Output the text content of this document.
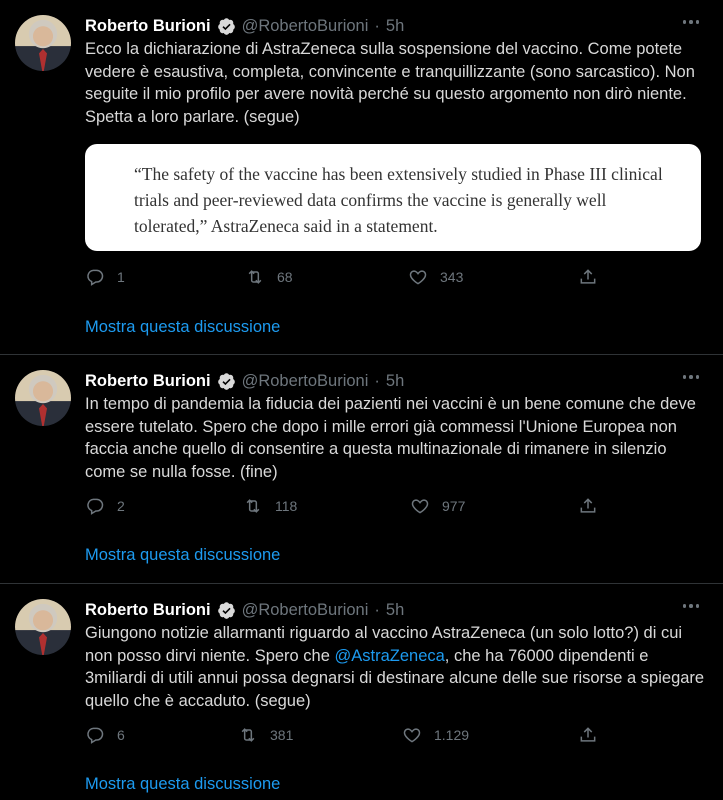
Roberto Burioni @RobertoBurioni · 5h

Ecco la dichiarazione di AstraZeneca sulla sospensione del vaccino. Come potete vedere è esaustiva, completa, convincente e tranquillizzante (sono sarcastico). Non seguite il mio profilo per avere novità perché su questo argomento non dirò niente. Spetta a loro parlare. (segue)

“The safety of the vaccine has been extensively studied in Phase III clinical trials and peer-reviewed data confirms the vaccine is generally well tolerated,” AstraZeneca said in a statement.

1	68	343
Mostra questa discussione
Roberto Burioni @RobertoBurioni · 5h

In tempo di pandemia la fiducia dei pazienti nei vaccini è un bene comune che deve essere tutelato. Spero che dopo i mille errori già commessi l'Unione Europea non faccia anche quello di consentire a questa multinazionale di rimanere in silenzio come se nulla fosse. (fine)

2	118	977
Mostra questa discussione
Roberto Burioni @RobertoBurioni · 5h

Giungono notizie allarmanti riguardo al vaccino AstraZeneca (un solo lotto?) di cui non posso dirvi niente. Spero che @AstraZeneca, che ha 76000 dipendenti e 3miliardi di utili annui possa degnarsi di destinare alcune delle sue risorse a spiegare quello che è accaduto. (segue)

6	381	1.129
Mostra questa discussione
